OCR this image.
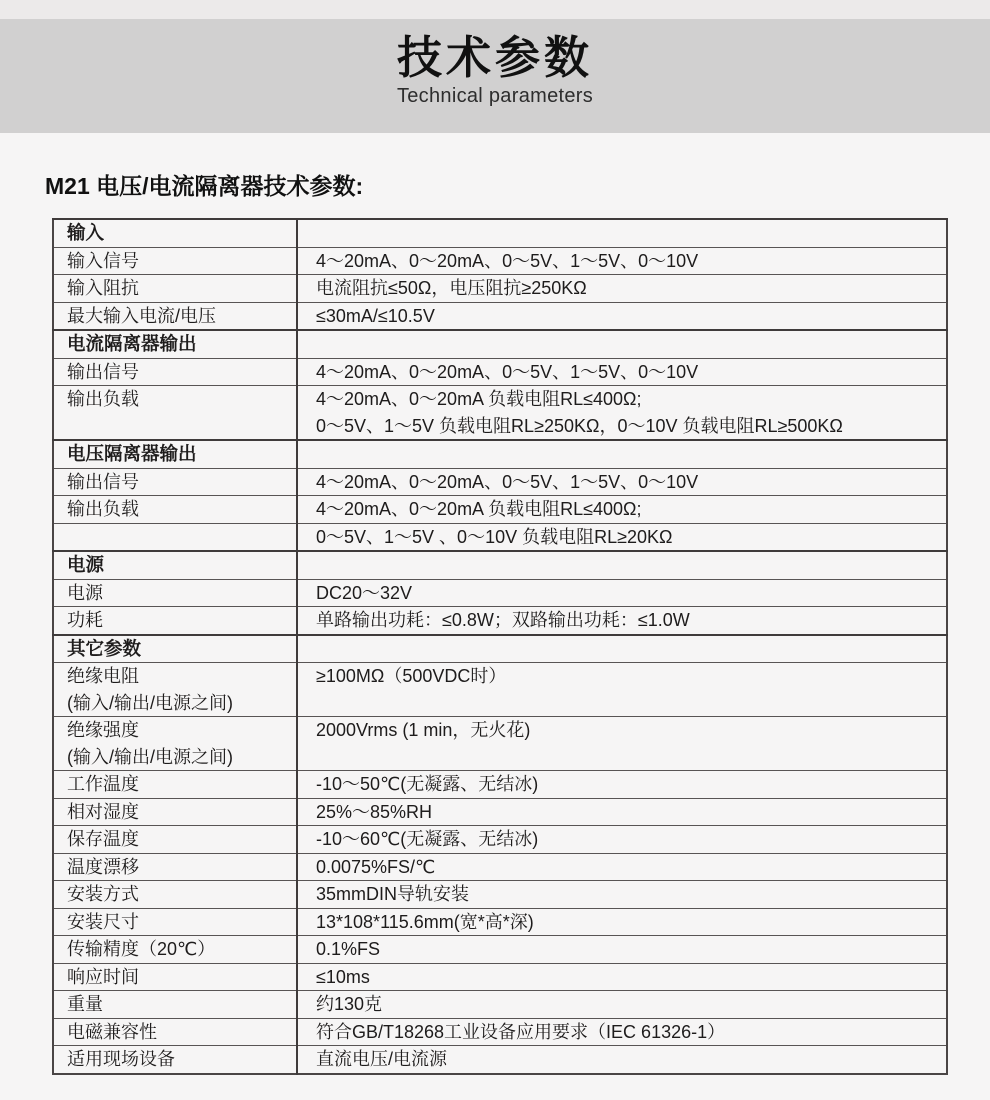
技术参数
Technical parameters
M21 电压/电流隔离器技术参数:
输入	

输入信号	4～20mA、0～20mA、0～5V、1～5V、0～10V

输入阻抗	电流阻抗≤50Ω，电压阻抗≥250KΩ

最大输入电流/电压	≤30mA/≤10.5V

电流隔离器输出	

输出信号	4～20mA、0～20mA、0～5V、1～5V、0～10V

输出负载	4～20mA、0～20mA 负载电阻RL≤400Ω;
0～5V、1～5V 负载电阻RL≥250KΩ，0～10V 负载电阻RL≥500KΩ

电压隔离器输出	

输出信号	4～20mA、0～20mA、0～5V、1～5V、0～10V

输出负载	4～20mA、0～20mA 负载电阻RL≤400Ω;

	0～5V、1～5V 、0～10V 负载电阻RL≥20KΩ

电源	

电源	DC20～32V

功耗	单路输出功耗：≤0.8W；双路输出功耗：≤1.0W

其它参数	

绝缘电阻
(输入/输出/电源之间)	≥100MΩ（500VDC时）

绝缘强度
(输入/输出/电源之间)	2000Vrms (1 min，无火花)

工作温度	-10～50℃(无凝露、无结冰)

相对湿度	25%～85%RH

保存温度	-10～60℃(无凝露、无结冰)

温度漂移	0.0075%FS/℃

安装方式	35mmDIN导轨安装

安装尺寸	13*108*115.6mm(宽*高*深)

传输精度（20℃）	0.1%FS

响应时间	≤10ms

重量	约130克

电磁兼容性	符合GB/T18268工业设备应用要求（IEC 61326-1）

适用现场设备	直流电压/电流源
